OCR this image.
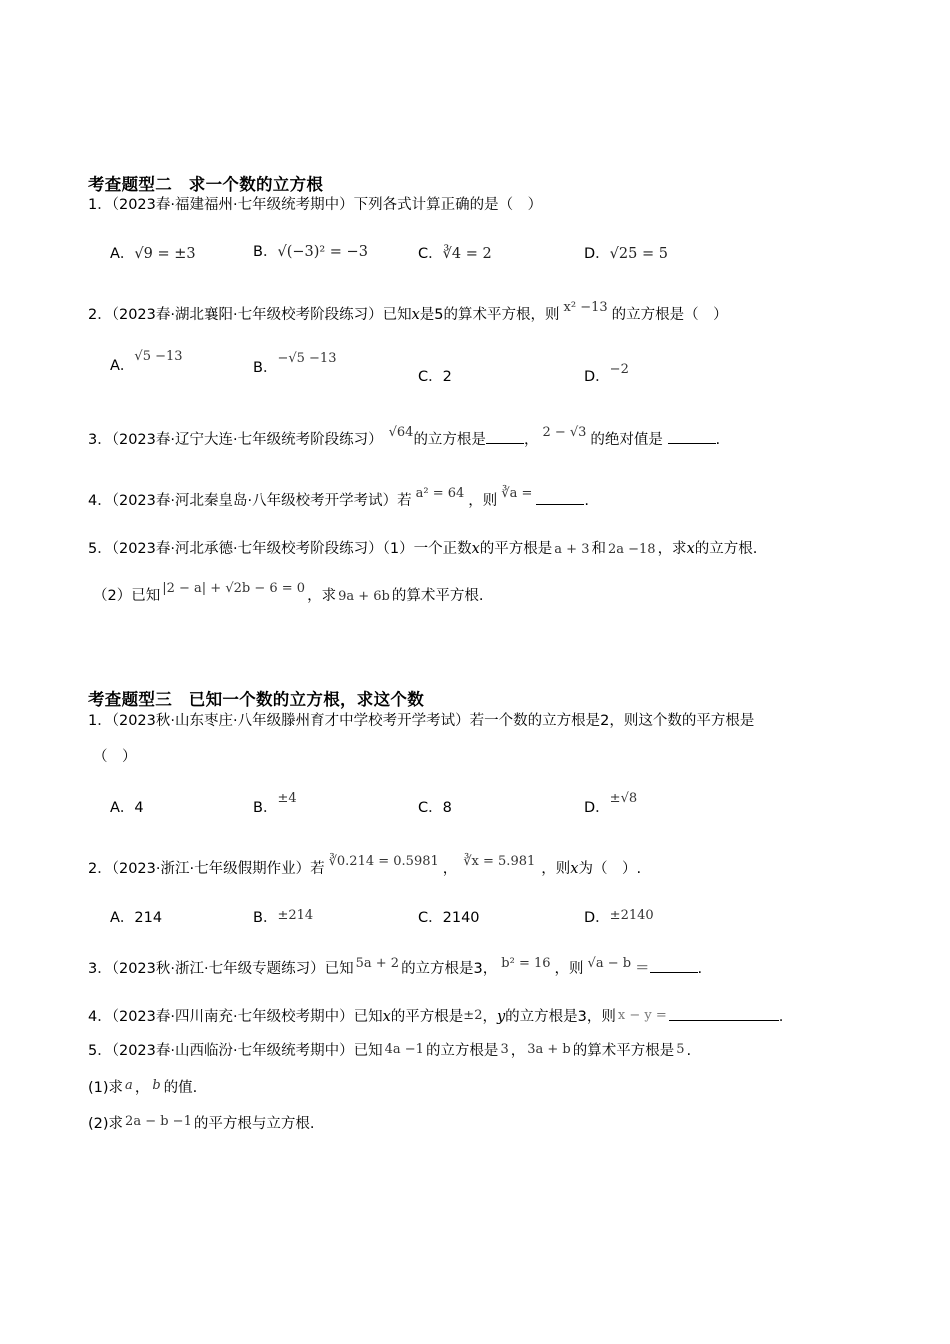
考查题型二　求一个数的立方根
1．（2023春·福建福州·七年级统考期中）下列各式计算正确的是（　）
A．√9 = ±3	B．√(−3)² = −3	C．∛4 = 2	D．√25 = 5
2．（2023春·湖北襄阳·七年级校考阶段练习）已知x是5的算术平方根，则 x² −13 的立方根是（　）
A．√5 −13
B．−√5 −13
C．2	D．−2
3．（2023春·辽宁大连·七年级统考阶段练习） √64的立方根是	， 2 − √3 的绝对值是	.
4．（2023春·河北秦皇岛·八年级校考开学考试）若 a² = 64 ，则 ∛a =	.
5．（2023春·河北承德·七年级校考阶段练习）（1）一个正数x的平方根是 a + 3 和 2a −18 ，求x的立方根.
（2）已知 |2 − a| + √2b − 6 = 0 ，求 9a + 6b 的算术平方根.
考查题型三　已知一个数的立方根，求这个数
1．（2023秋·山东枣庄·八年级滕州育才中学校考开学考试）若一个数的立方根是2，则这个数的平方根是
（　）
A．4	B．±4
C．8	D．±√8
2．（2023·浙江·七年级假期作业）若 ∛0.214 = 0.5981 ， ∛x = 5.981 ，则x为（　）.
A．214	B．±214	C．2140	D．±2140
3．（2023秋·浙江·七年级专题练习）已知 5a + 2 的立方根是3， b² = 16 ，则 √a − b ＝	.
4．（2023春·四川南充·七年级校考期中）已知x的平方根是±2，y的立方根是3，则 x − y =	.
5．（2023春·山西临汾·七年级统考期中）已知 4a −1 的立方根是 3 ， 3a + b 的算术平方根是 5 .
(1)求 a ， b 的值.
(2)求 2a − b −1 的平方根与立方根.
